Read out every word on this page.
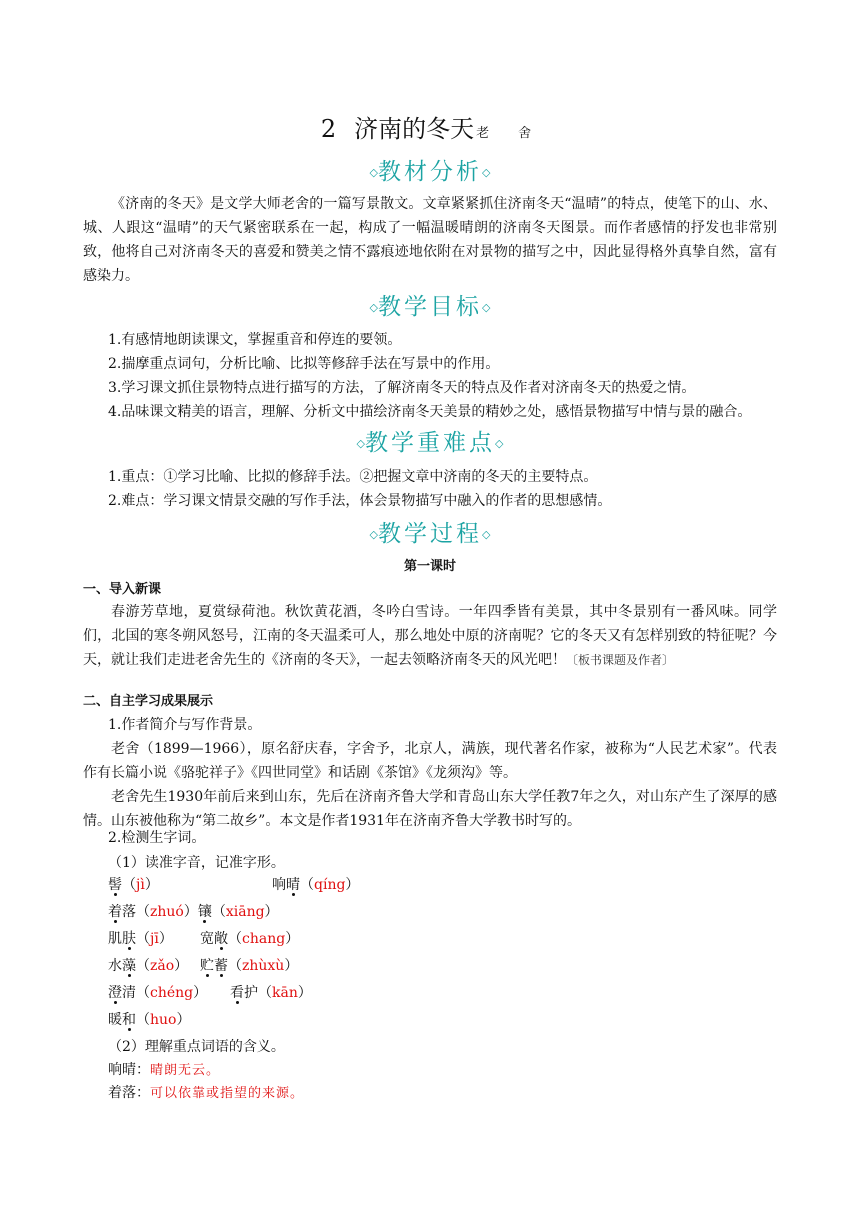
2 济南的冬天 老　舍
◇教材分析◇
《济南的冬天》是文学大师老舍的一篇写景散文。文章紧紧抓住济南冬天“温晴”的特点，使笔下的山、水、城、人跟这“温晴”的天气紧密联系在一起，构成了一幅温暖晴朗的济南冬天图景。而作者感情的抒发也非常别致，他将自己对济南冬天的喜爱和赞美之情不露痕迹地依附在对景物的描写之中，因此显得格外真挚自然，富有感染力。
◇教学目标◇
1.有感情地朗读课文，掌握重音和停连的要领。
2.揣摩重点词句，分析比喻、比拟等修辞手法在写景中的作用。
3.学习课文抓住景物特点进行描写的方法，了解济南冬天的特点及作者对济南冬天的热爱之情。
4.品味课文精美的语言，理解、分析文中描绘济南冬天美景的精妙之处，感悟景物描写中情与景的融合。
◇教学重难点◇
1.重点：①学习比喻、比拟的修辞手法。②把握文章中济南的冬天的主要特点。
2.难点：学习课文情景交融的写作手法，体会景物描写中融入的作者的思想感情。
◇教学过程◇
第一课时
一、导入新课
春游芳草地，夏赏绿荷池。秋饮黄花酒，冬吟白雪诗。一年四季皆有美景，其中冬景别有一番风味。同学们，北国的寒冬朔风怒号，江南的冬天温柔可人，那么地处中原的济南呢？它的冬天又有怎样别致的特征呢？今天，就让我们走进老舍先生的《济南的冬天》，一起去领略济南冬天的风光吧！〔板书课题及作者〕
二、自主学习成果展示
1.作者简介与写作背景。
老舍（1899—1966），原名舒庆春，字舍予，北京人，满族，现代著名作家，被称为“人民艺术家”。代表作有长篇小说《骆驼祥子》《四世同堂》和话剧《茶馆》《龙须沟》等。
老舍先生1930年前后来到山东，先后在济南齐鲁大学和青岛山东大学任教7年之久，对山东产生了深厚的感情。山东被他称为“第二故乡”。本文是作者1931年在济南齐鲁大学教书时写的。
2.检测生字词。
（1）读准字音，记准字形。
髻（jì）	响晴（qíng）
着落（zhuó）镶（xiāng）
肌肤（jī） 宽敞（chang）
水藻（zǎo） 贮蓄（zhùxù）
澄清（chéng） 看护（kān）
暖和（huo）
（2）理解重点词语的含义。
响晴：晴朗无云。
着落：可以依靠或指望的来源。
